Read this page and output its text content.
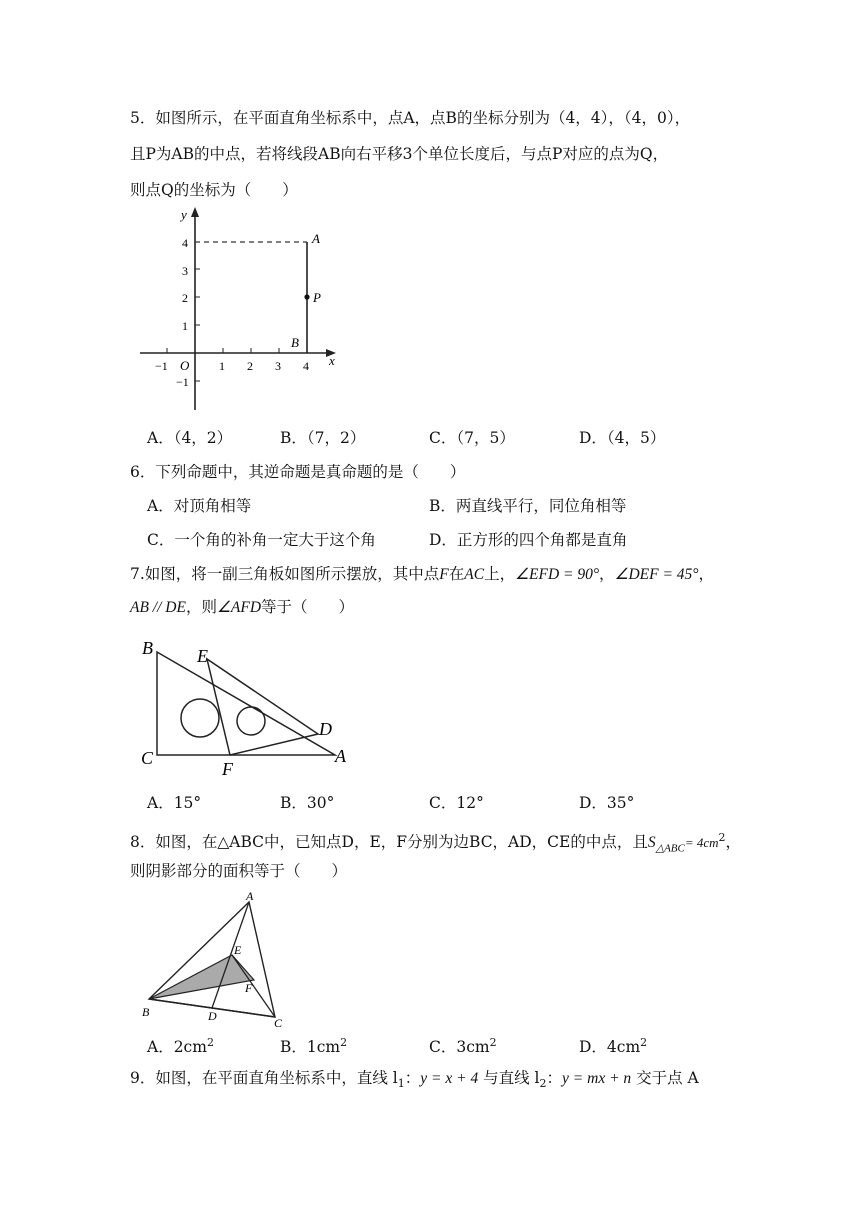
5．如图所示，在平面直角坐标系中，点A，点B的坐标分别为（4，4），（4，0），
且P为AB的中点，若将线段AB向右平移3个单位长度后，与点P对应的点为Q，
则点Q的坐标为（　　）
y
x
O
−1	1 2 3 4
4
3
2
1
−1
A
P
B
A．（4，2）	B．（7，2）	C．（7，5）	D．（4，5）
6．下列命题中，其逆命题是真命题的是（　　）
A．对顶角相等	B．两直线平行，同位角相等
C．一个角的补角一定大于这个角	D．正方形的四个角都是直角
7.如图，将一副三角板如图所示摆放，其中点F在AC上，∠EFD = 90°，∠DEF = 45°，
AB // DE，则∠AFD等于（　　）
B E
D
C
F
A
A．15°	B．30°	C．12°	D．35°
8．如图，在△ABC中，已知点D，E，F分别为边BC，AD，CE的中点，且$S_{\triangle ABC}= 4cm^2$，
则阴影部分的面积等于（　　）
A
E
F
B	D	C
A．$2cm^2$	B．$1cm^2$	C．$3cm^2$	D．$4cm^2$
9．如图，在平面直角坐标系中，直线 $l_1$：y = x + 4 与直线 $l_2$：y = mx + n 交于点 A
